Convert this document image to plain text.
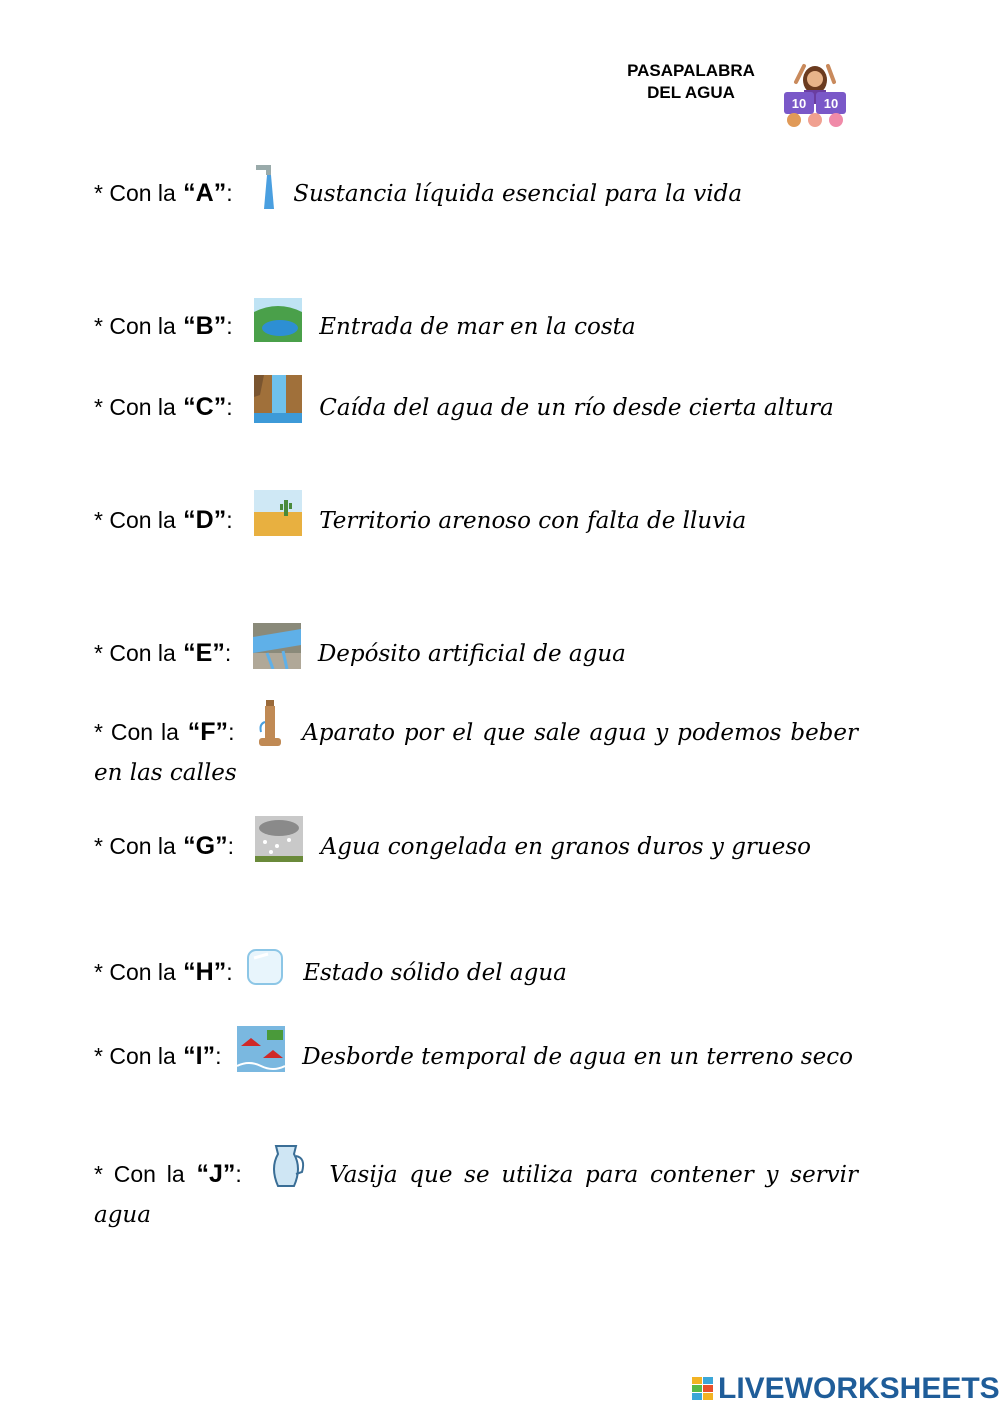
PASAPALABRA
DEL AGUA
10 10
* Con la “A”:	Sustancia líquida esencial para la vida
* Con la “B”:	Entrada de mar en la costa
* Con la “C”:	Caída del agua de un río desde cierta altura
* Con la “D”:	Territorio arenoso con falta de lluvia
* Con la “E”:	Depósito artificial de agua
* Con la “F”:	Aparato por el que sale agua y podemos beber en las calles
* Con la “G”:	Agua congelada en granos duros y grueso
* Con la “H”:	Estado sólido del agua
* Con la “I”:	Desborde temporal de agua en un terreno seco
* Con la “J”:	Vasija que se utiliza para contener y servir agua
LIVEWORKSHEETS
